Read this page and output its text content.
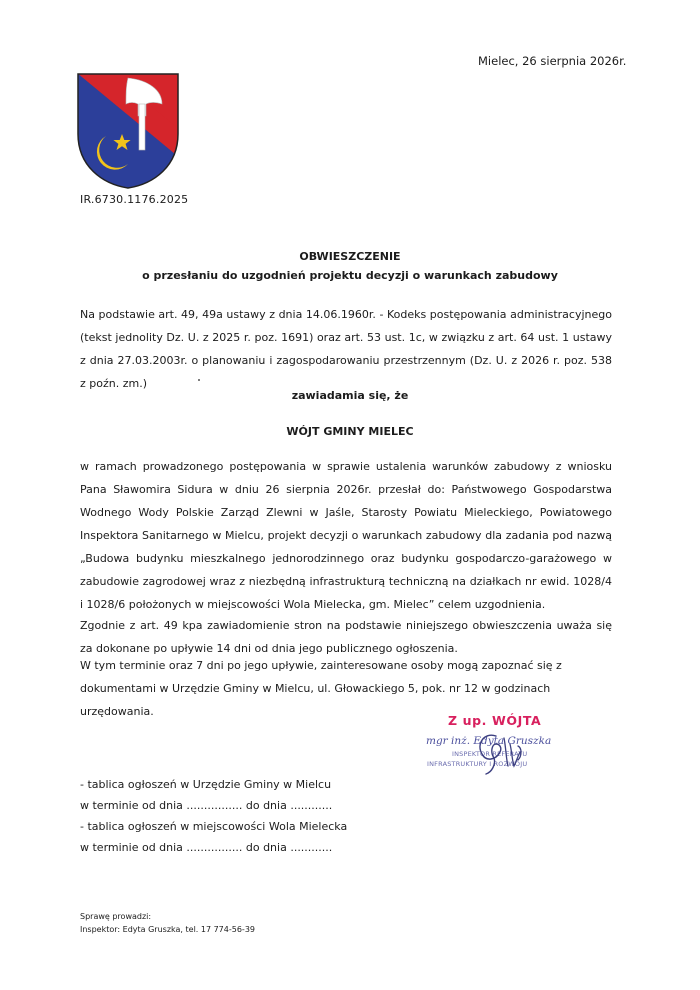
Mielec, 26 sierpnia 2026r.
IR.6730.1176.2025
OBWIESZCZENIE
o przesłaniu do uzgodnień projektu decyzji o warunkach zabudowy
Na podstawie art. 49, 49a ustawy z dnia 14.06.1960r. - Kodeks postępowania administracyjnego (tekst jednolity Dz. U. z 2025 r. poz. 1691) oraz art. 53 ust. 1c, w związku z art. 64 ust. 1 ustawy z dnia 27.03.2003r. o planowaniu i zagospodarowaniu przestrzennym (Dz. U. z 2026 r. poz. 538 z poźn. zm.)
zawiadamia się, że
WÓJT GMINY MIELEC
w ramach prowadzonego postępowania w sprawie ustalenia warunków zabudowy z wniosku Pana Sławomira Sidura w dniu 26 sierpnia 2026r. przesłał do: Państwowego Gospodarstwa Wodnego Wody Polskie Zarząd Zlewni w Jaśle, Starosty Powiatu Mieleckiego, Powiatowego Inspektora Sanitarnego w Mielcu, projekt decyzji o warunkach zabudowy dla zadania pod nazwą „Budowa budynku mieszkalnego jednorodzinnego oraz budynku gospodarczo-garażowego w zabudowie zagrodowej wraz z niezbędną infrastrukturą techniczną na działkach nr ewid. 1028/4 i 1028/6 położonych w miejscowości Wola Mielecka, gm. Mielec” celem uzgodnienia.
Zgodnie z art. 49 kpa zawiadomienie stron na podstawie niniejszego obwieszczenia uważa się za dokonane po upływie 14 dni od dnia jego publicznego ogłoszenia.
W tym terminie oraz 7 dni po jego upływie, zainteresowane osoby mogą zapoznać się z dokumentami w Urzędzie Gminy w Mielcu, ul. Głowackiego 5, pok. nr 12 w godzinach urzędowania.
Z up. WÓJTA
mgr inż. Edyta Gruszka
INSPEKTOR REFERATU
INFRASTRUKTURY I ROZWOJU
- tablica ogłoszeń w Urzędzie Gminy w Mielcu
w terminie od dnia ................ do dnia ............
- tablica ogłoszeń w miejscowości Wola Mielecka
w terminie od dnia ................ do dnia ............
Sprawę prowadzi:
Inspektor: Edyta Gruszka, tel. 17 774-56-39
